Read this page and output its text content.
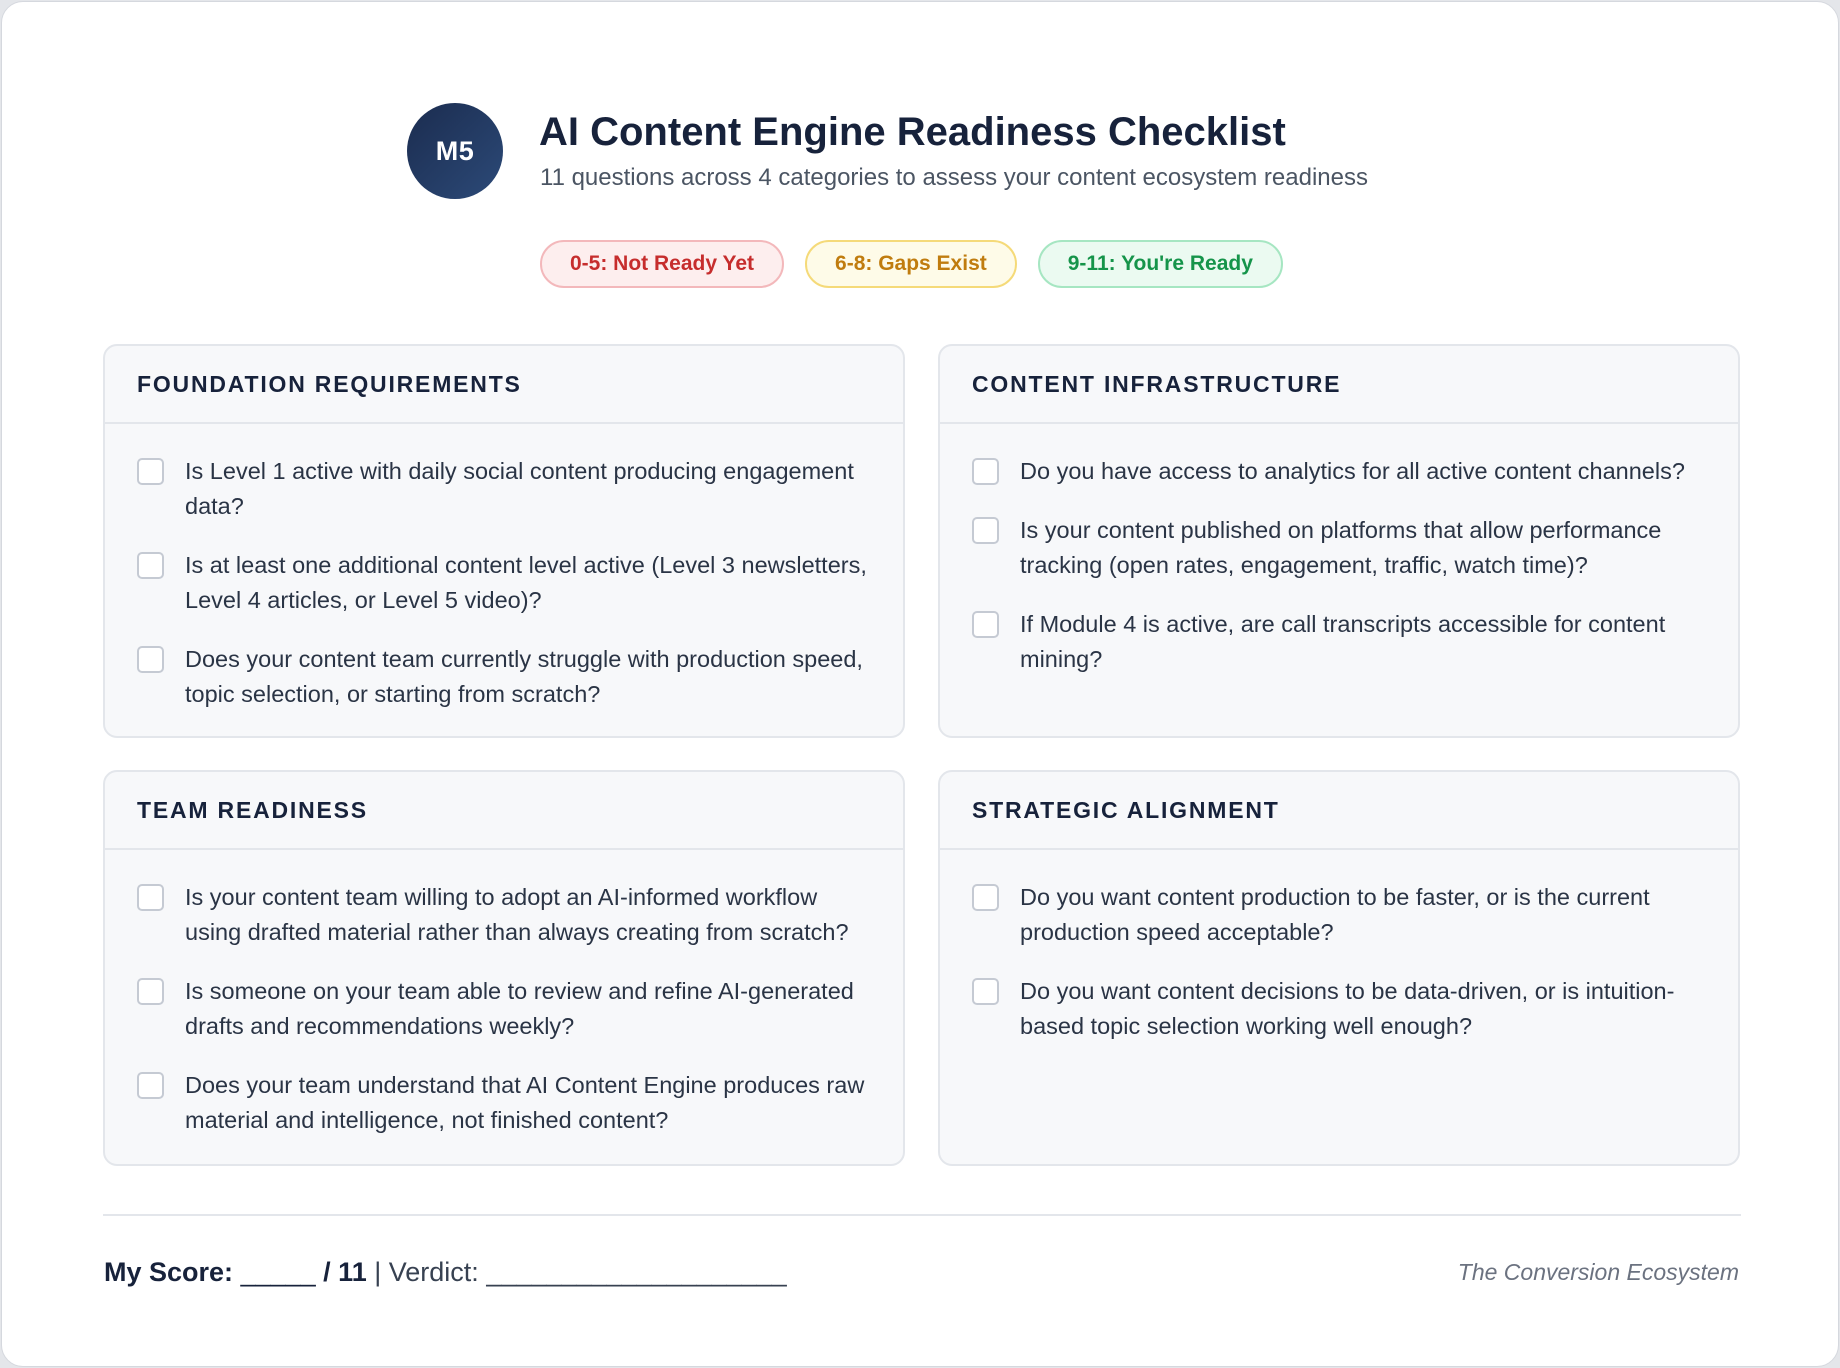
M5	AI Content Engine Readiness Checklist

11 questions across 4 categories to assess your content ecosystem readiness

0-5: Not Ready Yet	6-8: Gaps Exist	9-11: You're Ready
FOUNDATION REQUIREMENTS
Is Level 1 active with daily social content producing engagement data?
Is at least one additional content level active (Level 3 newsletters, Level 4 articles, or Level 5 video)?
Does your content team currently struggle with production speed, topic selection, or starting from scratch?
CONTENT INFRASTRUCTURE
Do you have access to analytics for all active content channels?
Is your content published on platforms that allow performance tracking (open rates, engagement, traffic, watch time)?
If Module 4 is active, are call transcripts accessible for content mining?
TEAM READINESS
Is your content team willing to adopt an AI-informed workflow using drafted material rather than always creating from scratch?
Is someone on your team able to review and refine AI-generated drafts and recommendations weekly?
Does your team understand that AI Content Engine produces raw material and intelligence, not finished content?
STRATEGIC ALIGNMENT
Do you want content production to be faster, or is the current production speed acceptable?
Do you want content decisions to be data-driven, or is intuition-based topic selection working well enough?
My Score: _____ / 11 | Verdict: ____________________	The Conversion Ecosystem
